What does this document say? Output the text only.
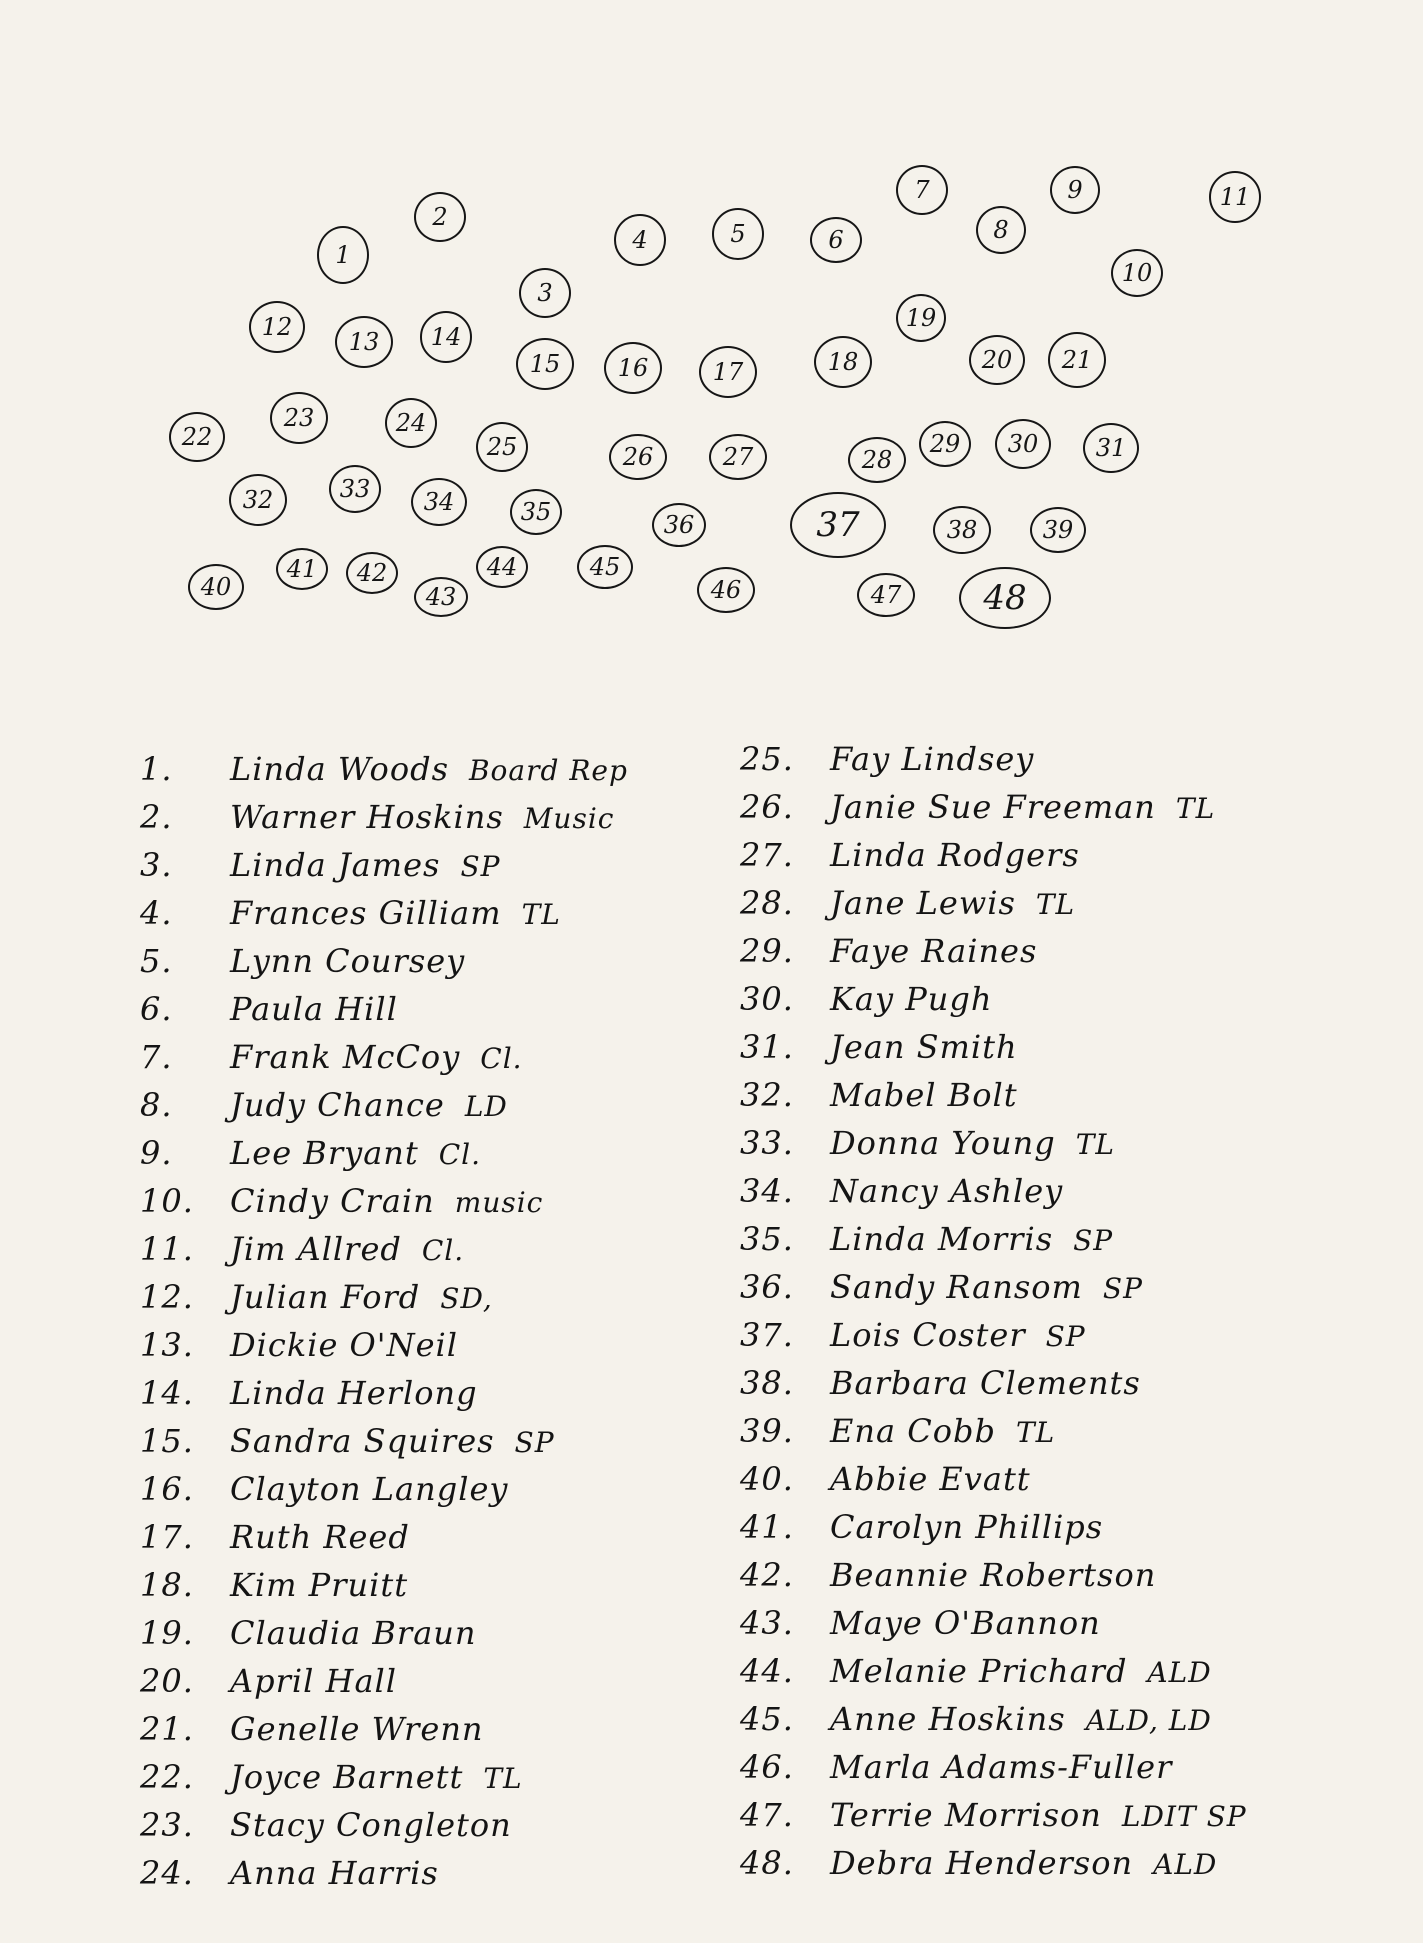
1
2
3
4	5	6
7
8
9
10
11
12
13	14
15	16	17	18
19
20	21
22
23	24
25	26	27	28
29	30	31
32	33	34	35	36	37	38	39
40
41	42
43
44	45
46	47	48
1. Linda Woods Board Rep
2. Warner Hoskins Music
3. Linda James SP
4. Frances Gilliam TL
5. Lynn Coursey
6. Paula Hill
7. Frank McCoy Cl.
8. Judy Chance LD
9. Lee Bryant Cl.
10. Cindy Crain music
11. Jim Allred Cl.
12. Julian Ford SD,
13. Dickie O'Neil
14. Linda Herlong
15. Sandra Squires SP
16. Clayton Langley
17. Ruth Reed
18. Kim Pruitt
19. Claudia Braun
20. April Hall
21. Genelle Wrenn
22. Joyce Barnett TL
23. Stacy Congleton
24. Anna Harris
25. Fay Lindsey
26. Janie Sue Freeman TL
27. Linda Rodgers
28. Jane Lewis TL
29. Faye Raines
30. Kay Pugh
31. Jean Smith
32. Mabel Bolt
33. Donna Young TL
34. Nancy Ashley
35. Linda Morris SP
36. Sandy Ransom SP
37. Lois Coster SP
38. Barbara Clements
39. Ena Cobb TL
40. Abbie Evatt
41. Carolyn Phillips
42. Beannie Robertson
43. Maye O'Bannon
44. Melanie Prichard ALD
45. Anne Hoskins ALD, LD
46. Marla Adams-Fuller
47. Terrie Morrison LDIT SP
48. Debra Henderson ALD
